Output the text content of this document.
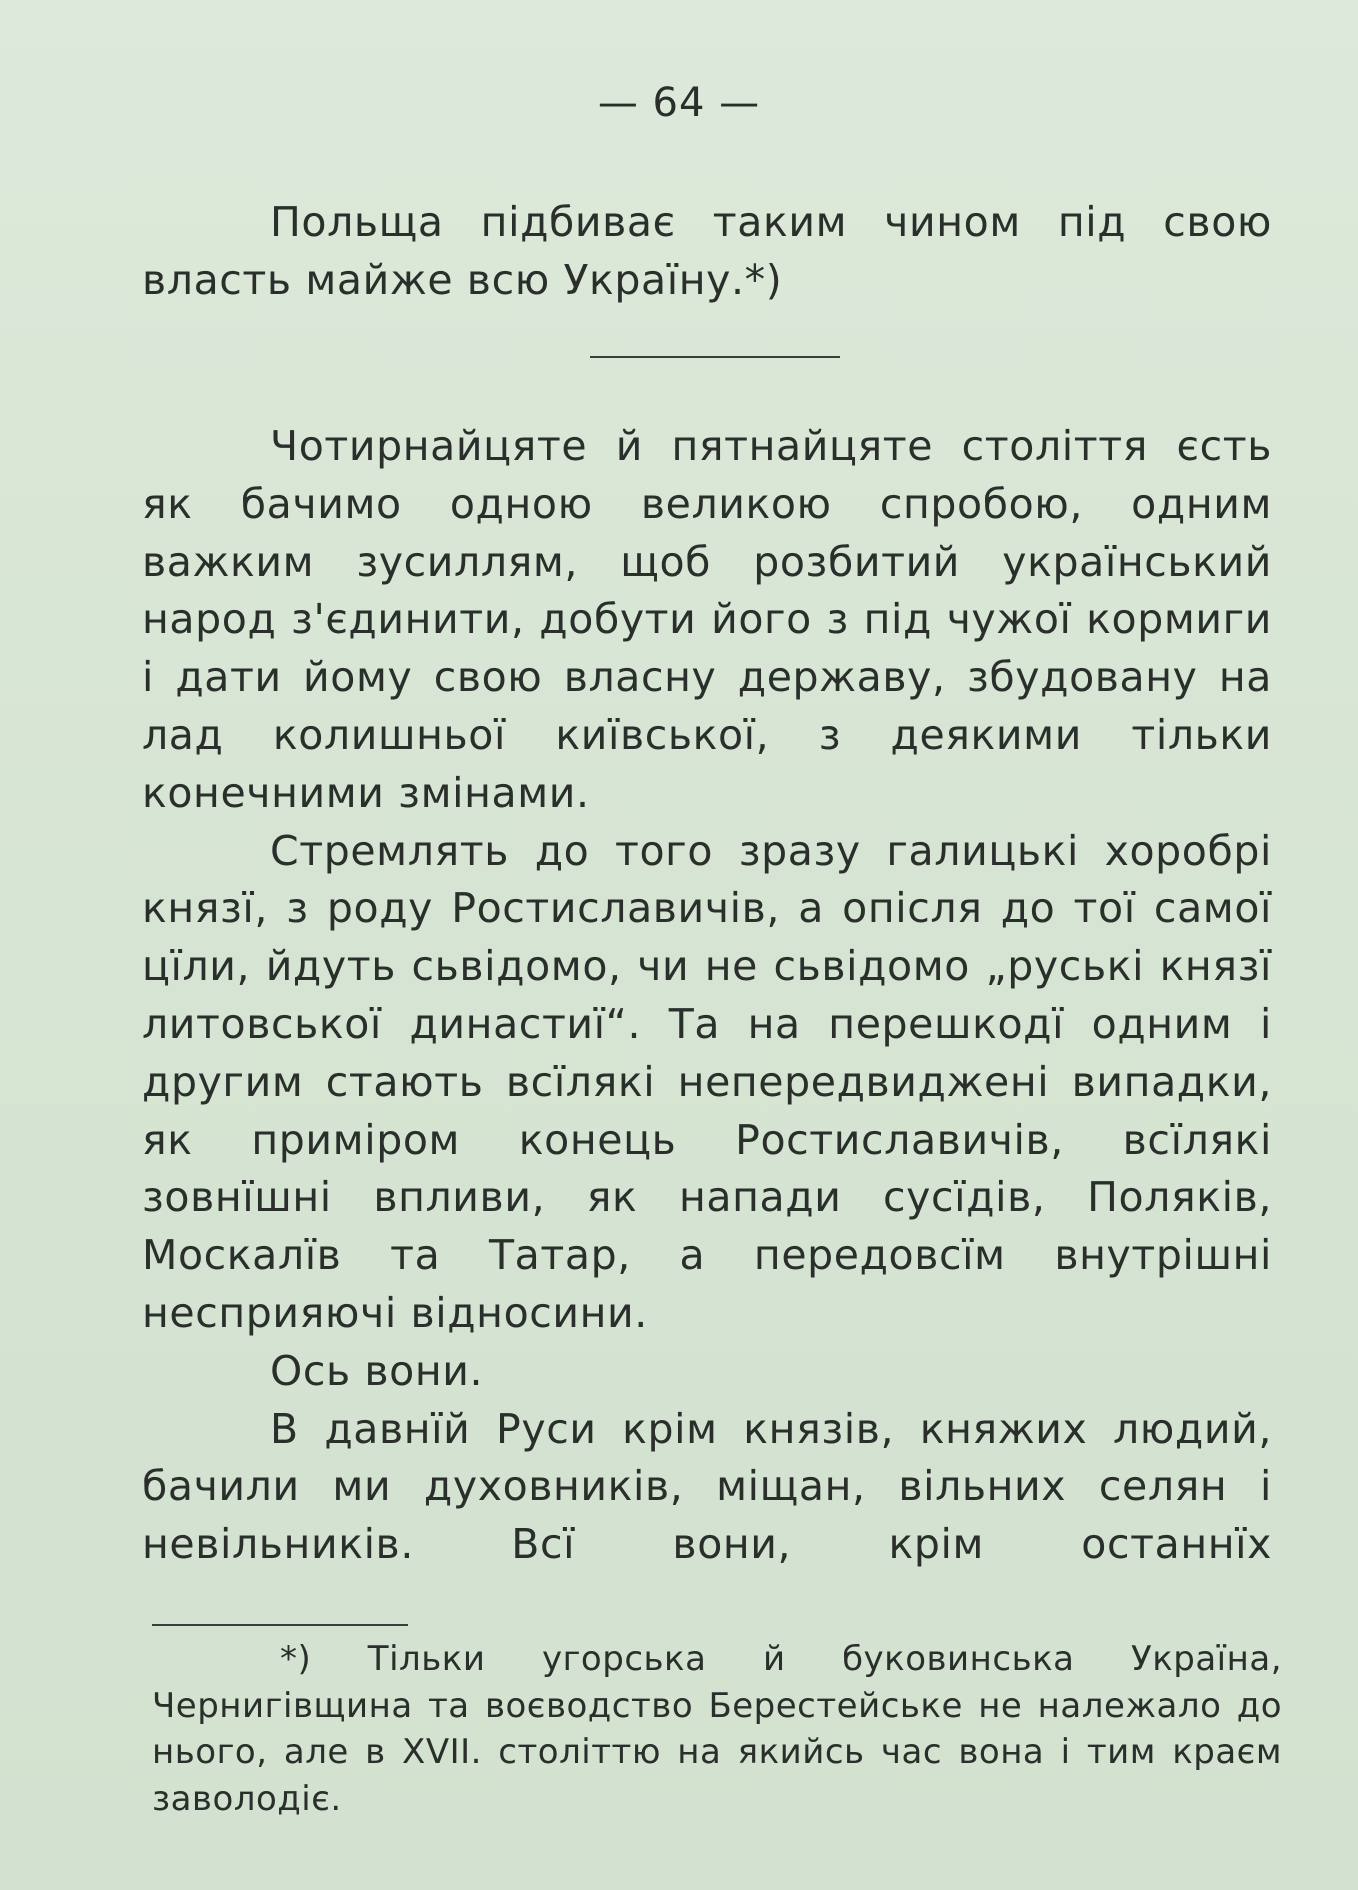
— 64 —

Польща підбиває таким чином під свою власть майже всю Україну.*)

Чотирнайцяте й пятнайцяте століття єсть як бачимо одною великою спробою, одним важким зусиллям, щоб розбитий український народ з'єдинити, добути його з під чужої кормиги і дати йому свою власну державу, збудовану на лад колишньої київської, з деякими тільки конечними змінами.

Стремлять до того зразу галицькі хоробрі князї, з роду Ростиславичів, а опісля до тої самої цїли, йдуть сьвідомо, чи не сьвідомо „руські князї литовської династиї“. Та на перешкодї одним і другим стають всїлякі непередвиджені випадки, як приміром конець Ростиславичів, всїлякі зовнїшні впливи, як напади сусїдів, Поляків, Москалїв та Татар, а передовсїм внутрішні несприяючі відносини.

Ось вони.

В давнїй Руси крім князів, княжих людий, бачили ми духовників, міщан, вільних селян і невільників. Всї вони, крім останнїх

*) Тільки угорська й буковинська Україна, Чернигівщина та воєводство Берестейське не належало до нього, але в XVII. століттю на якийсь час вона і тим краєм заволодіє.
